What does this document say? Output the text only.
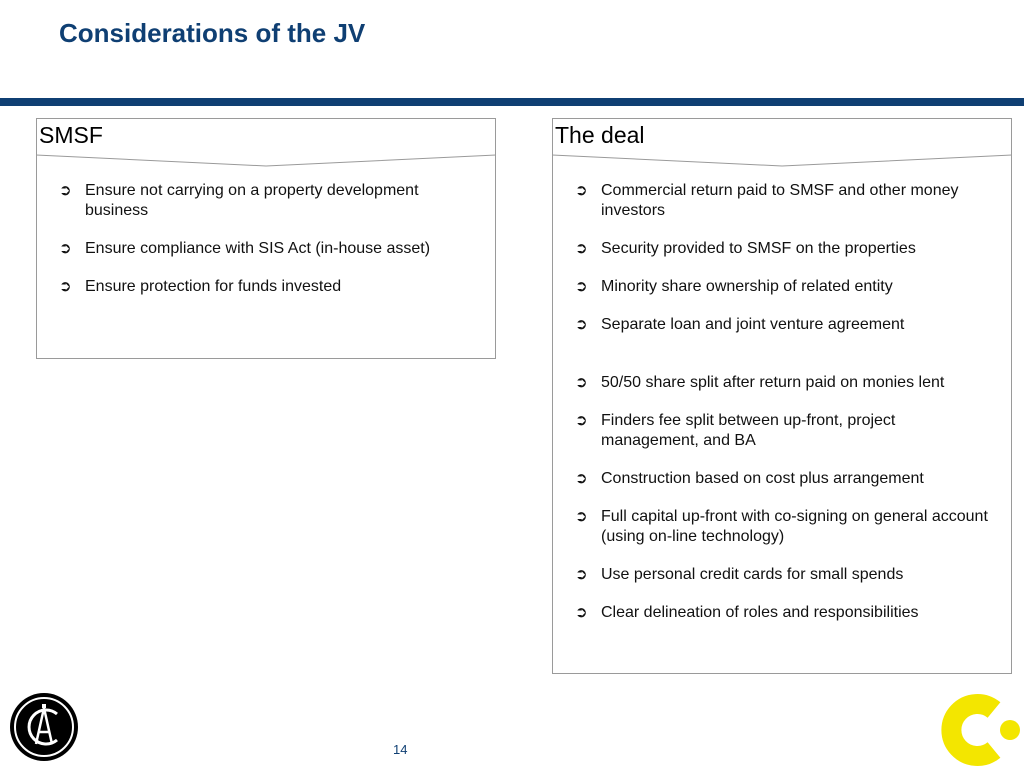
Considerations of the JV
SMSF
➲ Ensure not carrying on a property development business
➲ Ensure compliance with SIS Act (in-house asset)
➲ Ensure protection for funds invested
The deal
➲ Commercial return paid to SMSF and other money investors
➲ Security provided to SMSF on the properties
➲ Minority share ownership of related entity
➲ Separate loan and joint venture agreement
➲ 50/50 share split after return paid on monies lent
➲ Finders fee split between up-front, project management, and BA
➲ Construction based on cost plus arrangement
➲ Full capital up-front with co-signing on general account (using on-line technology)
➲ Use personal credit cards for small spends
➲ Clear delineation of roles and responsibilities
14
